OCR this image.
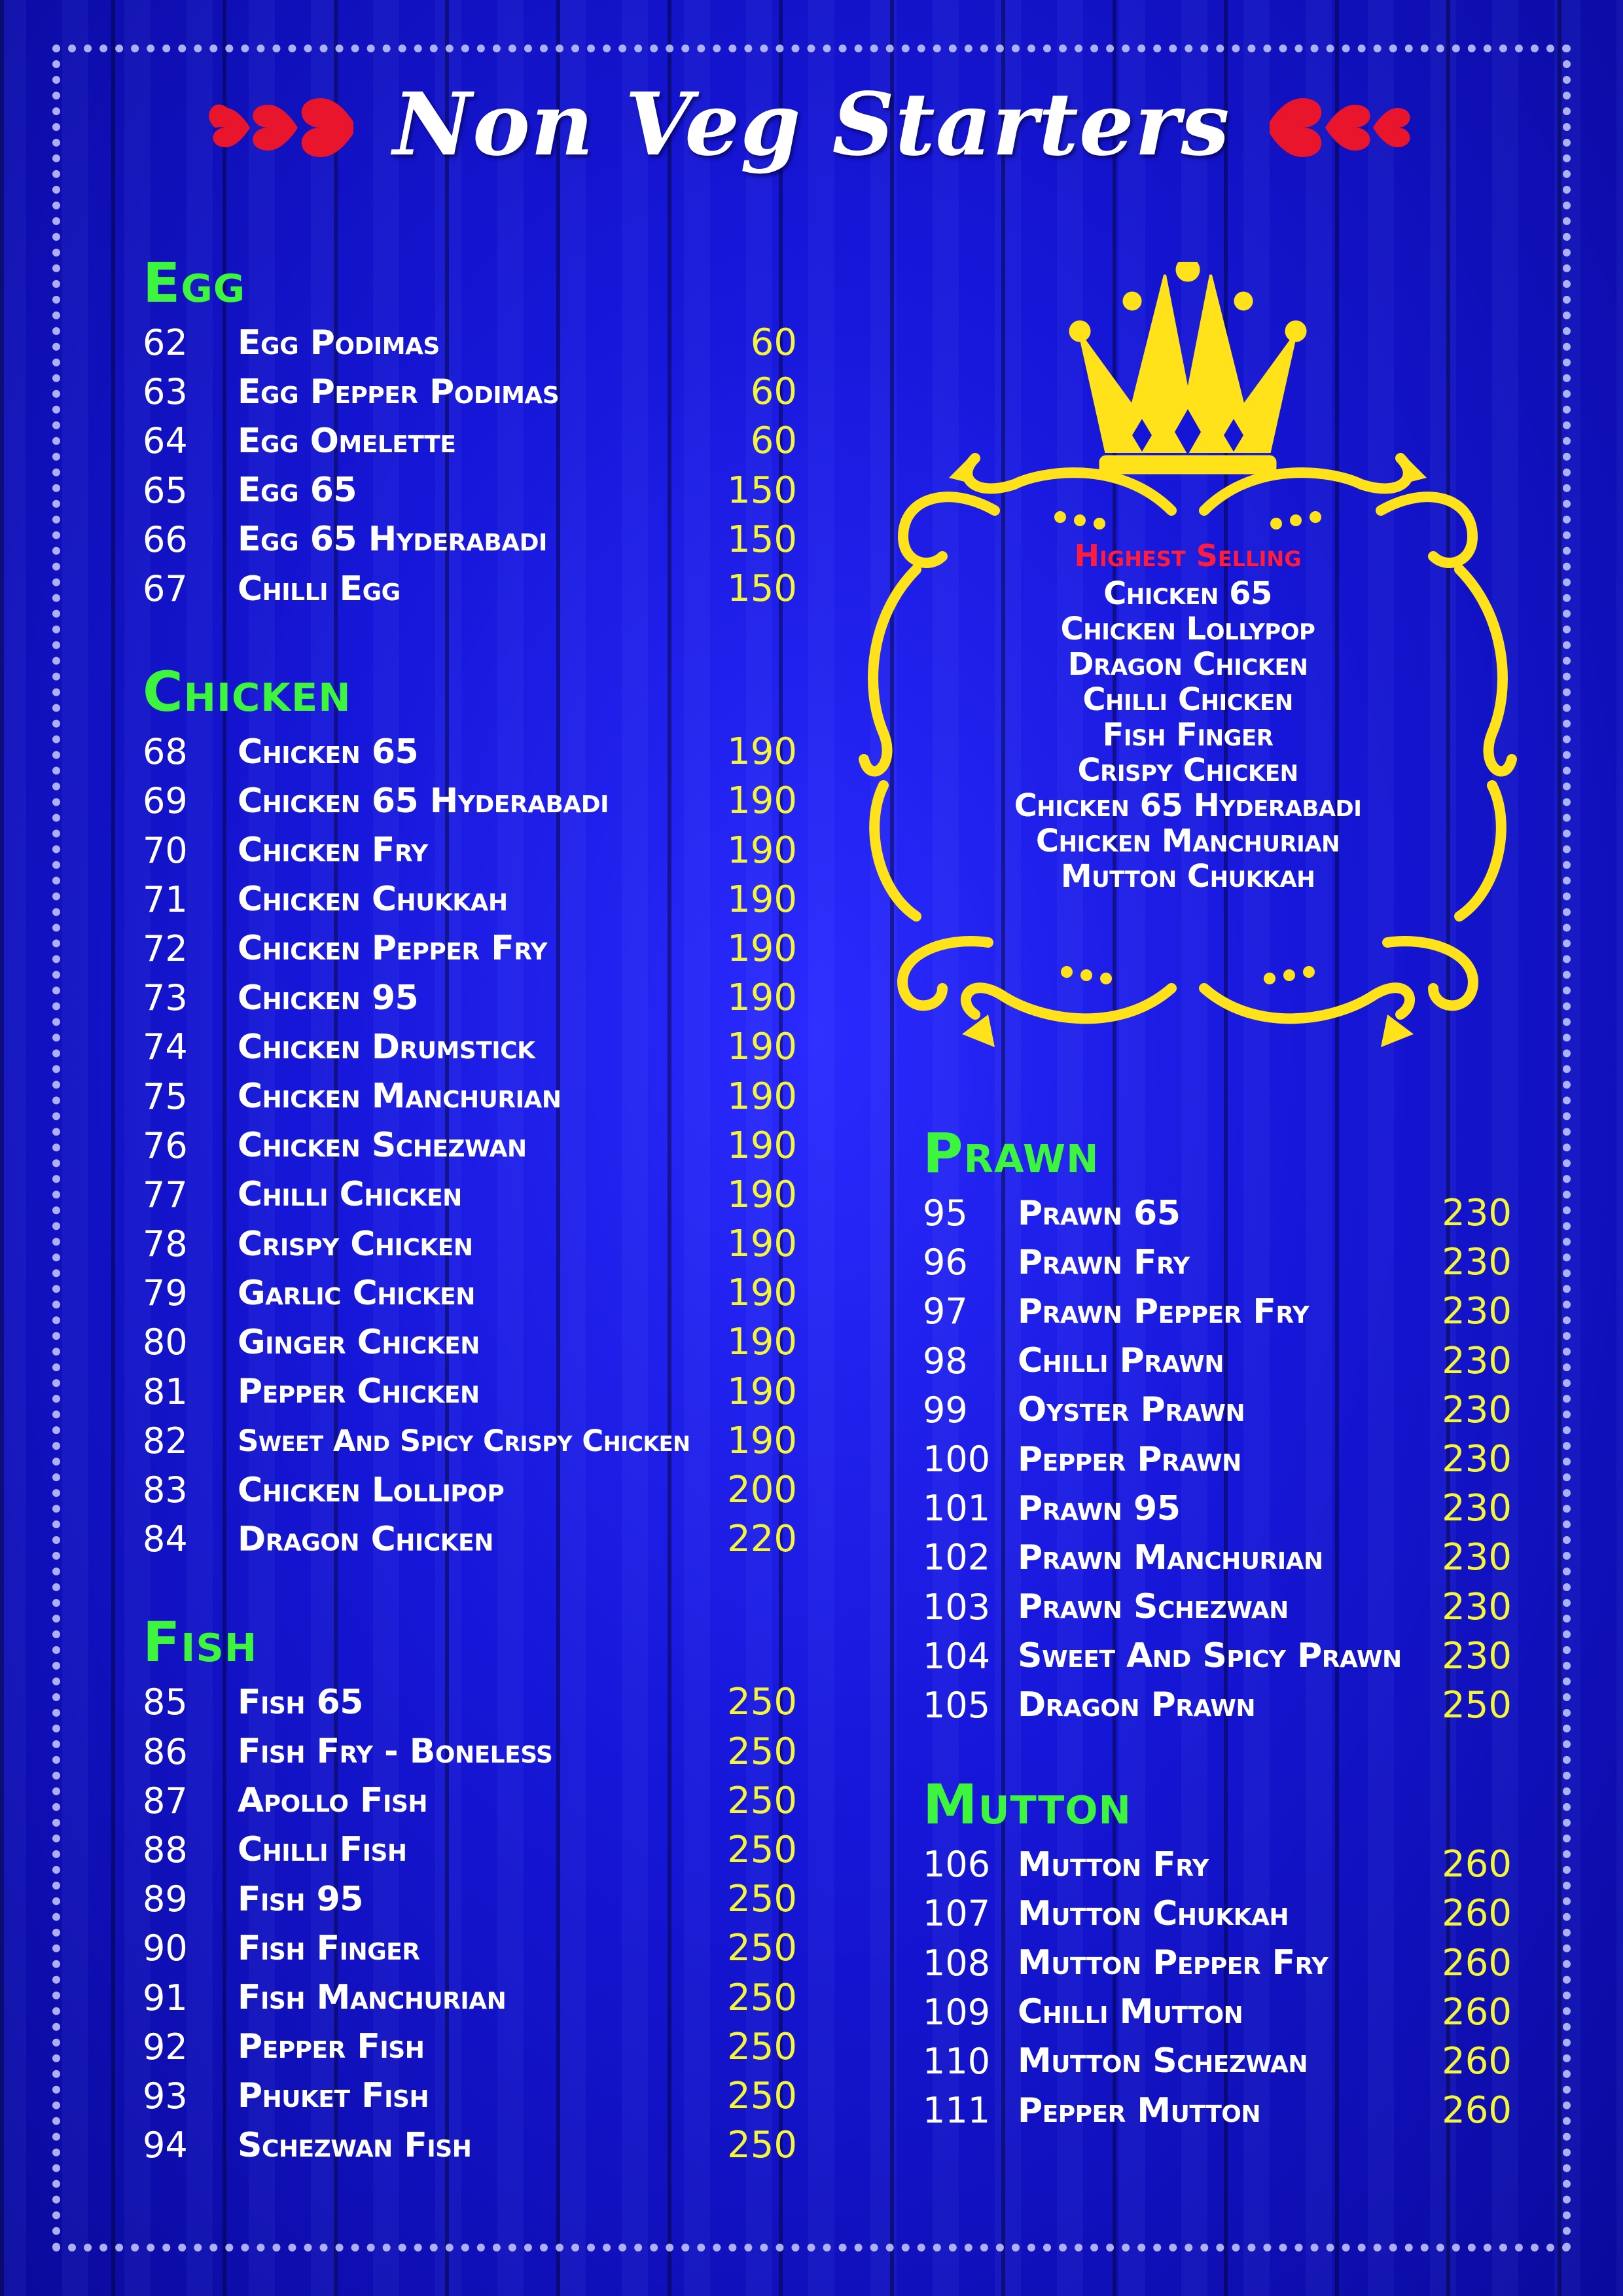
Non Veg Starters
Egg
62	Egg Podimas	60
63	Egg Pepper Podimas	60
64	Egg Omelette	60
65	Egg 65	150
66	Egg 65 Hyderabadi	150
67	Chilli Egg	150
Chicken
68	Chicken 65	190
69	Chicken 65 Hyderabadi	190
70	Chicken Fry	190
71	Chicken Chukkah	190
72	Chicken Pepper Fry	190
73	Chicken 95	190
74	Chicken Drumstick	190
75	Chicken Manchurian	190
76	Chicken Schezwan	190
77	Chilli Chicken	190
78	Crispy Chicken	190
79	Garlic Chicken	190
80	Ginger Chicken	190
81	Pepper Chicken	190
82	Sweet And Spicy Crispy Chicken	190
83	Chicken Lollipop	200
84	Dragon Chicken	220
Fish
85	Fish 65	250
86	Fish Fry - Boneless	250
87	Apollo Fish	250
88	Chilli Fish	250
89	Fish 95	250
90	Fish Finger	250
91	Fish Manchurian	250
92	Pepper Fish	250
93	Phuket Fish	250
94	Schezwan Fish	250
Highest Selling
Chicken 65
Chicken Lollypop
Dragon Chicken
Chilli Chicken
Fish Finger
Crispy Chicken
Chicken 65 Hyderabadi
Chicken Manchurian
Mutton Chukkah
Prawn
95	Prawn 65	230
96	Prawn Fry	230
97	Prawn Pepper Fry	230
98	Chilli Prawn	230
99	Oyster Prawn	230
100 Pepper Prawn	230
101 Prawn 95	230
102 Prawn Manchurian	230
103 Prawn Schezwan	230
104 Sweet And Spicy Prawn	230
105 Dragon Prawn	250
Mutton
106 Mutton Fry	260
107 Mutton Chukkah	260
108 Mutton Pepper Fry	260
109 Chilli Mutton	260
110 Mutton Schezwan	260
111 Pepper Mutton	260
